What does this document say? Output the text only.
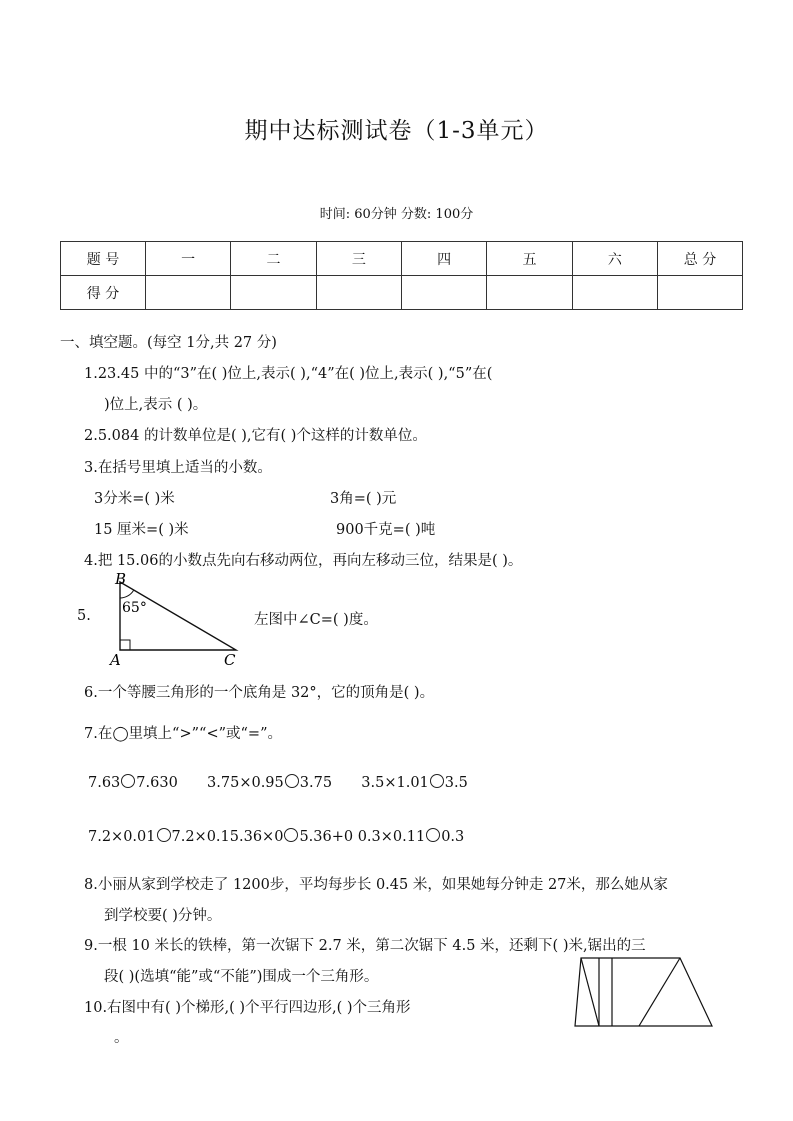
期中达标测试卷（1-3单元）
时间: 60分钟 分数: 100分
题 号	一	二	三	四	五	六	总 分
得 分							
一、填空题。(每空 1分,共 27 分)
1.23.45 中的“3”在( )位上,表示( ),“4”在( )位上,表示( ),“5”在(
)位上,表示 ( )。
2.5.084 的计数单位是( ),它有( )个这样的计数单位。
3.在括号里填上适当的小数。
3分米=( )米	3角=( )元
15 厘米=( )米	900千克=( )吨
4.把 15.06的小数点先向右移动两位，再向左移动三位，结果是( )。
5.
B
65°
A	C
左图中∠C=( )度。
6.一个等腰三角形的一个底角是 32°，它的顶角是( )。
7.在◯里填上“>”“<”或“=”。
7.63 7.630 3.75×0.95 3.75 3.5×1.01 3.5
7.2×0.01 7.2×0.15.36×0 5.36+0 0.3×0.11 0.3
8.小丽从家到学校走了 1200步，平均每步长 0.45 米，如果她每分钟走 27米，那么她从家
到学校要( )分钟。
9.一根 10 米长的铁棒，第一次锯下 2.7 米，第二次锯下 4.5 米，还剩下( )米,锯出的三
段( )(选填“能”或“不能”)围成一个三角形。
10.右图中有( )个梯形,( )个平行四边形,( )个三角形
。
